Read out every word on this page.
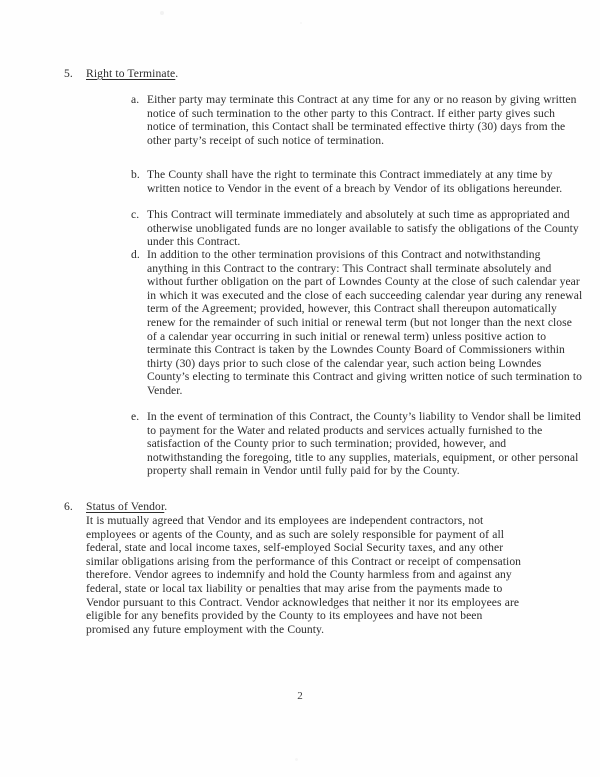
5.	Right to Terminate.
a. Either party may terminate this Contract at any time for any or no reason by giving written notice of such termination to the other party to this Contract. If either party gives such notice of termination, this Contact shall be terminated effective thirty (30) days from the other party’s receipt of such notice of termination.
b. The County shall have the right to terminate this Contract immediately at any time by written notice to Vendor in the event of a breach by Vendor of its obligations hereunder.
c. This Contract will terminate immediately and absolutely at such time as appropriated and otherwise unobligated funds are no longer available to satisfy the obligations of the County under this Contract.
d. In addition to the other termination provisions of this Contract and notwithstanding anything in this Contract to the contrary: This Contract shall terminate absolutely and without further obligation on the part of Lowndes County at the close of such calendar year in which it was executed and the close of each succeeding calendar year during any renewal term of the Agreement; provided, however, this Contract shall thereupon automatically renew for the remainder of such initial or renewal term (but not longer than the next close of a calendar year occurring in such initial or renewal term) unless positive action to terminate this Contract is taken by the Lowndes County Board of Commissioners within thirty (30) days prior to such close of the calendar year, such action being Lowndes County’s electing to terminate this Contract and giving written notice of such termination to Vender.
e. In the event of termination of this Contract, the County’s liability to Vendor shall be limited to payment for the Water and related products and services actually furnished to the satisfaction of the County prior to such termination; provided, however, and notwithstanding the foregoing, title to any supplies, materials, equipment, or other personal property shall remain in Vendor until fully paid for by the County.
6.	Status of Vendor.
It is mutually agreed that Vendor and its employees are independent contractors, not employees or agents of the County, and as such are solely responsible for payment of all federal, state and local income taxes, self-employed Social Security taxes, and any other similar obligations arising from the performance of this Contract or receipt of compensation therefore. Vendor agrees to indemnify and hold the County harmless from and against any federal, state or local tax liability or penalties that may arise from the payments made to Vendor pursuant to this Contract. Vendor acknowledges that neither it nor its employees are eligible for any benefits provided by the County to its employees and have not been promised any future employment with the County.
2
